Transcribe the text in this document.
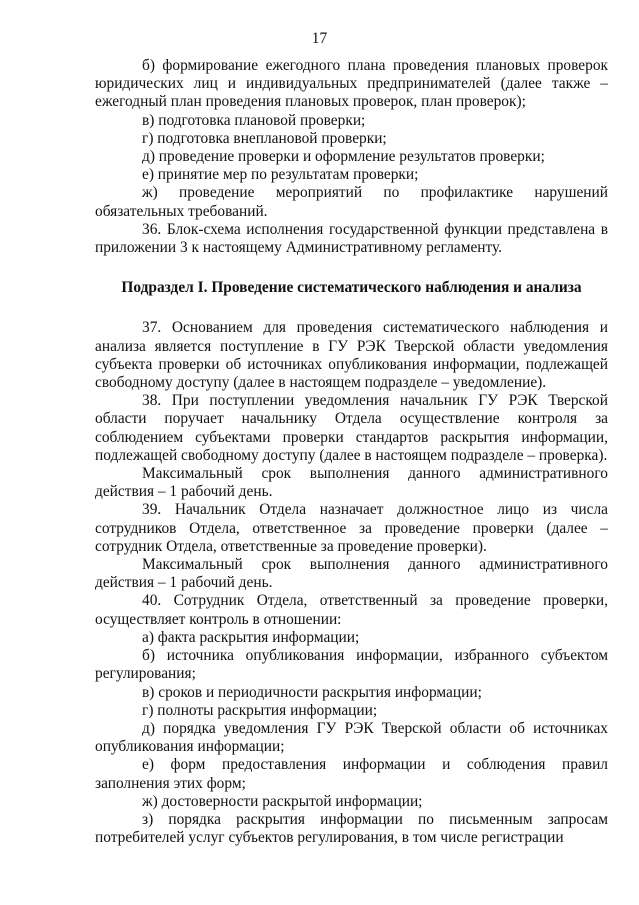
17

б) формирование ежегодного плана проведения плановых проверок юридических лиц и индивидуальных предпринимателей (далее также – ежегодный план проведения плановых проверок, план проверок);

в) подготовка плановой проверки;

г) подготовка внеплановой проверки;

д) проведение проверки и оформление результатов проверки;

е) принятие мер по результатам проверки;

ж) проведение мероприятий по профилактике нарушений обязательных требований.

36. Блок-схема исполнения государственной функции представлена в приложении 3 к настоящему Административному регламенту.

Подраздел I. Проведение систематического наблюдения и анализа

37. Основанием для проведения систематического наблюдения и анализа является поступление в ГУ РЭК Тверской области уведомления субъекта проверки об источниках опубликования информации, подлежащей свободному доступу (далее в настоящем подразделе – уведомление).

38. При поступлении уведомления начальник ГУ РЭК Тверской области поручает начальнику Отдела осуществление контроля за соблюдением субъектами проверки стандартов раскрытия информации, подлежащей свободному доступу (далее в настоящем подразделе – проверка).

Максимальный срок выполнения данного административного действия – 1 рабочий день.

39. Начальник Отдела назначает должностное лицо из числа сотрудников Отдела, ответственное за проведение проверки (далее – сотрудник Отдела, ответственные за проведение проверки).

Максимальный срок выполнения данного административного действия – 1 рабочий день.

40. Сотрудник Отдела, ответственный за проведение проверки, осуществляет контроль в отношении:

а) факта раскрытия информации;

б) источника опубликования информации, избранного субъектом регулирования;

в) сроков и периодичности раскрытия информации;

г) полноты раскрытия информации;

д) порядка уведомления ГУ РЭК Тверской области об источниках опубликования информации;

е) форм предоставления информации и соблюдения правил заполнения этих форм;

ж) достоверности раскрытой информации;

з) порядка раскрытия информации по письменным запросам потребителей услуг субъектов регулирования, в том числе регистрации
